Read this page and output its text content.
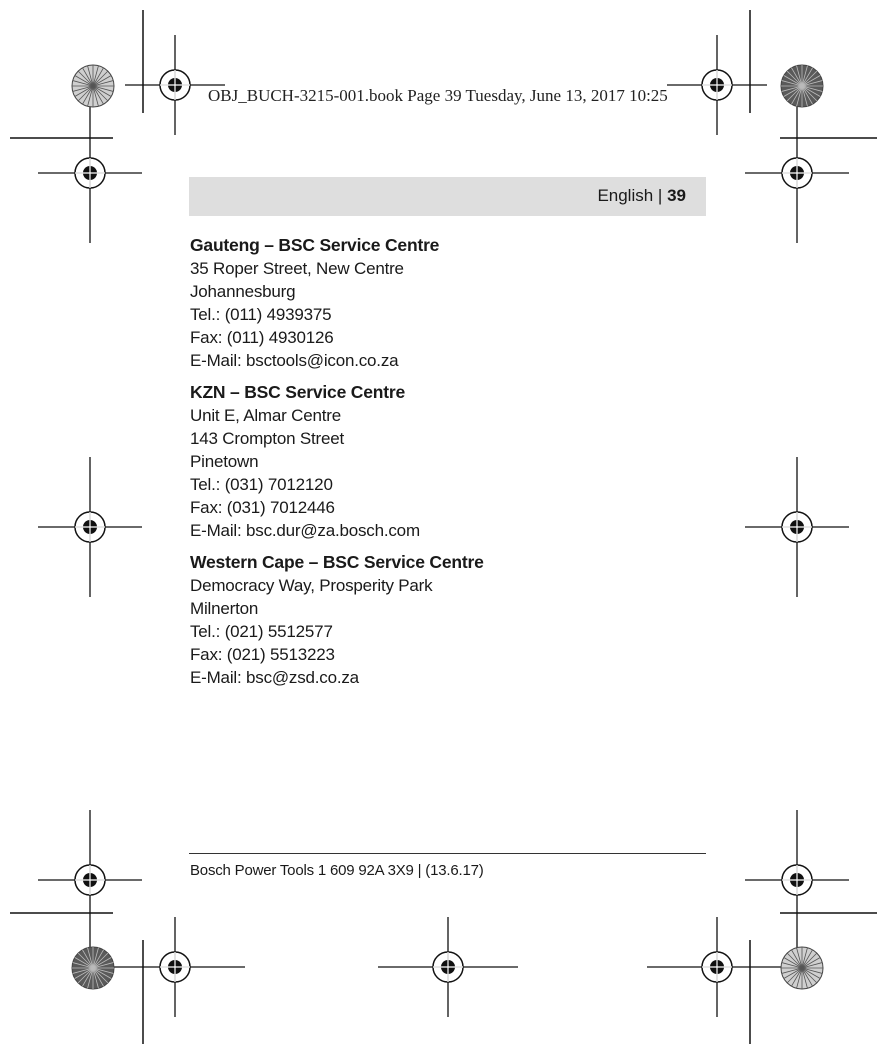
OBJ_BUCH-3215-001.book Page 39 Tuesday, June 13, 2017 10:25
English | 39
Gauteng – BSC Service Centre
35 Roper Street, New Centre
Johannesburg
Tel.: (011) 4939375
Fax: (011) 4930126
E-Mail: bsctools@icon.co.za
KZN – BSC Service Centre
Unit E, Almar Centre
143 Crompton Street
Pinetown
Tel.: (031) 7012120
Fax: (031) 7012446
E-Mail: bsc.dur@za.bosch.com
Western Cape – BSC Service Centre
Democracy Way, Prosperity Park
Milnerton
Tel.: (021) 5512577
Fax: (021) 5513223
E-Mail: bsc@zsd.co.za
Bosch Power Tools 1 609 92A 3X9 | (13.6.17)
